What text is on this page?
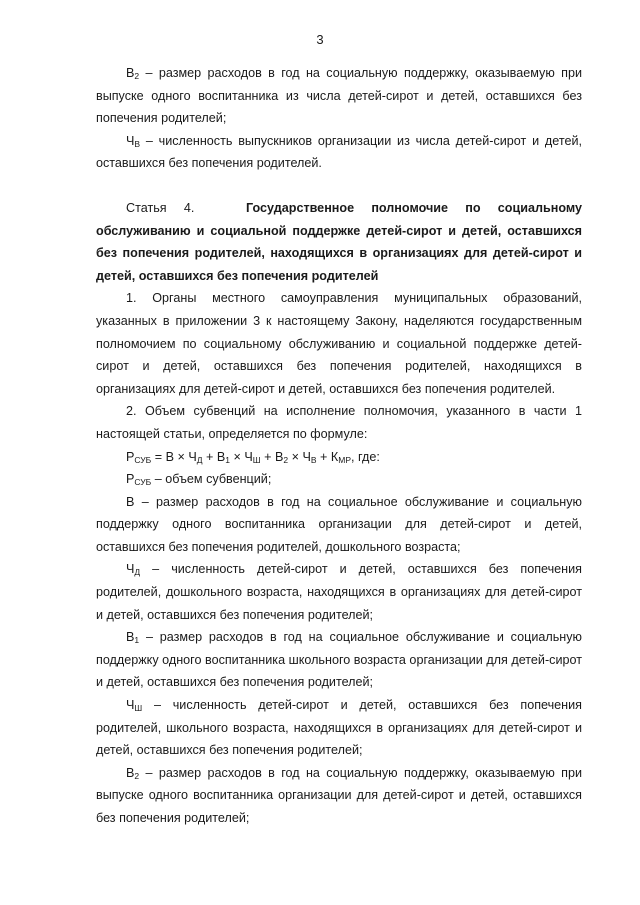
3

$В_2$ – размер расходов в год на социальную поддержку, оказываемую при выпуске одного воспитанника из числа детей-сирот и детей, оставшихся без попечения родителей;

$Ч_В$ – численность выпускников организации из числа детей-сирот и детей, оставшихся без попечения родителей.

Статья 4.	Государственное полномочие по социальному обслуживанию и социальной поддержке детей-сирот и детей, оставшихся без попечения родителей, находящихся в организациях для детей-сирот и детей, оставшихся без попечения родителей

1. Органы местного самоуправления муниципальных образований, указанных в приложении 3 к настоящему Закону, наделяются государственным полномочием по социальному обслуживанию и социальной поддержке детей-сирот и детей, оставшихся без попечения родителей, находящихся в организациях для детей-сирот и детей, оставшихся без попечения родителей.

2. Объем субвенций на исполнение полномочия, указанного в части 1 настоящей статьи, определяется по формуле:

$Р_{СУБ} = В \times Ч_Д + В_1 \times Ч_Ш + В_2 \times Ч_В + К_{МР}$, где:

$Р_{СУБ}$ – объем субвенций;

В – размер расходов в год на социальное обслуживание и социальную поддержку одного воспитанника организации для детей-сирот и детей, оставшихся без попечения родителей, дошкольного возраста;

$Ч_Д$ – численность детей-сирот и детей, оставшихся без попечения родителей, дошкольного возраста, находящихся в организациях для детей-сирот и детей, оставшихся без попечения родителей;

$В_1$ – размер расходов в год на социальное обслуживание и социальную поддержку одного воспитанника школьного возраста организации для детей-сирот и детей, оставшихся без попечения родителей;

$Ч_Ш$ – численность детей-сирот и детей, оставшихся без попечения родителей, школьного возраста, находящихся в организациях для детей-сирот и детей, оставшихся без попечения родителей;

$В_2$ – размер расходов в год на социальную поддержку, оказываемую при выпуске одного воспитанника организации для детей-сирот и детей, оставшихся без попечения родителей;
